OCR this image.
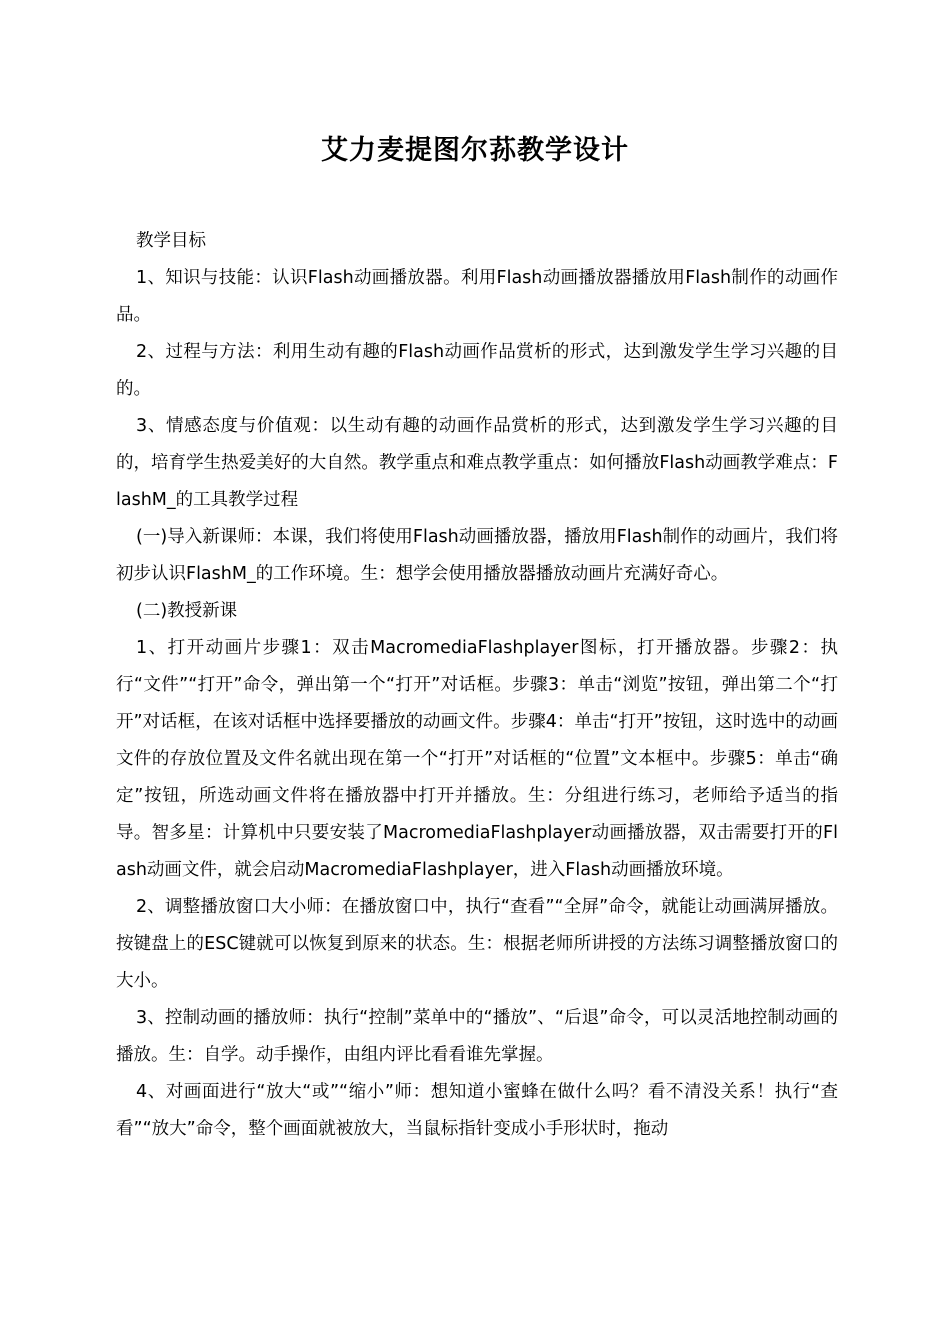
艾力麦提图尔荪教学设计

教学目标

1、知识与技能：认识Flash动画播放器。利用Flash动画播放器播放用Flash制作的动画作品。

2、过程与方法：利用生动有趣的Flash动画作品赏析的形式，达到激发学生学习兴趣的目的。

3、情感态度与价值观：以生动有趣的动画作品赏析的形式，达到激发学生学习兴趣的目的，培育学生热爱美好的大自然。教学重点和难点教学重点：如何播放Flash动画教学难点：FlashM_的工具教学过程

(一)导入新课师：本课，我们将使用Flash动画播放器，播放用Flash制作的动画片，我们将初步认识FlashM_的工作环境。生：想学会使用播放器播放动画片充满好奇心。

(二)教授新课

1、打开动画片步骤1：双击MacromediaFlashplayer图标，打开播放器。步骤2：执行“文件”“打开”命令，弹出第一个“打开”对话框。步骤3：单击“浏览”按钮，弹出第二个“打开”对话框，在该对话框中选择要播放的动画文件。步骤4：单击“打开”按钮，这时选中的动画文件的存放位置及文件名就出现在第一个“打开”对话框的“位置”文本框中。步骤5：单击“确定”按钮，所选动画文件将在播放器中打开并播放。生：分组进行练习，老师给予适当的指导。智多星：计算机中只要安装了MacromediaFlashplayer动画播放器，双击需要打开的Flash动画文件，就会启动MacromediaFlashplayer，进入Flash动画播放环境。

2、调整播放窗口大小师：在播放窗口中，执行“查看”“全屏”命令，就能让动画满屏播放。按键盘上的ESC键就可以恢复到原来的状态。生：根据老师所讲授的方法练习调整播放窗口的大小。

3、控制动画的播放师：执行“控制”菜单中的“播放”、“后退”命令，可以灵活地控制动画的播放。生：自学。动手操作，由组内评比看看谁先掌握。

4、对画面进行“放大“或”“缩小”师：想知道小蜜蜂在做什么吗？看不清没关系！执行“查看”“放大”命令，整个画面就被放大，当鼠标指针变成小手形状时，拖动
